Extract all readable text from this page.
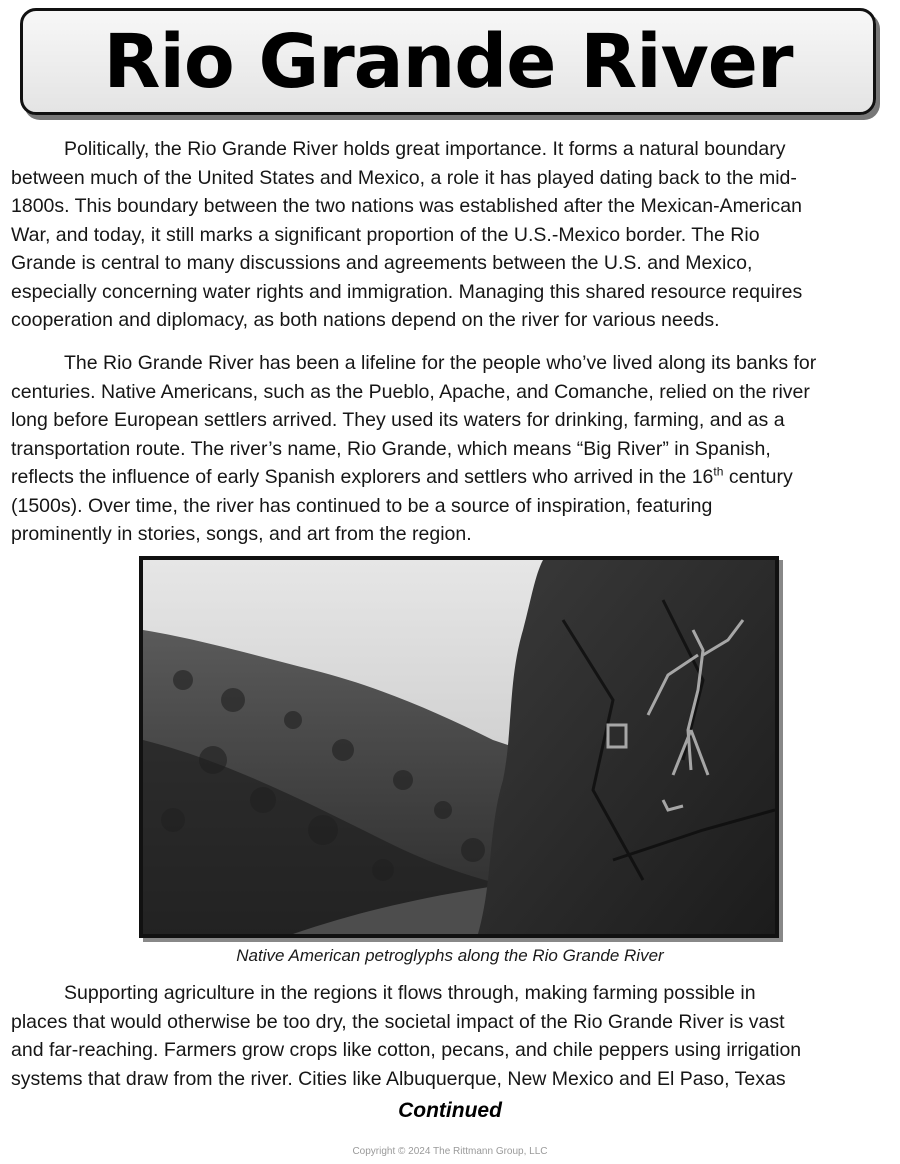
Rio Grande River

Politically, the Rio Grande River holds great importance. It forms a natural boundary
between much of the United States and Mexico, a role it has played dating back to the mid-
1800s. This boundary between the two nations was established after the Mexican-American
War, and today, it still marks a significant proportion of the U.S.-Mexico border. The Rio
Grande is central to many discussions and agreements between the U.S. and Mexico,
especially concerning water rights and immigration. Managing this shared resource requires
cooperation and diplomacy, as both nations depend on the river for various needs.

The Rio Grande River has been a lifeline for the people who’ve lived along its banks for
centuries. Native Americans, such as the Pueblo, Apache, and Comanche, relied on the river
long before European settlers arrived. They used its waters for drinking, farming, and as a
transportation route. The river’s name, Rio Grande, which means “Big River” in Spanish,
reflects the influence of early Spanish explorers and settlers who arrived in the 16th century
(1500s). Over time, the river has continued to be a source of inspiration, featuring
prominently in stories, songs, and art from the region.

Native American petroglyphs along the Rio Grande River

Supporting agriculture in the regions it flows through, making farming possible in
places that would otherwise be too dry, the societal impact of the Rio Grande River is vast
and far-reaching. Farmers grow crops like cotton, pecans, and chile peppers using irrigation
systems that draw from the river. Cities like Albuquerque, New Mexico and El Paso, Texas

Continued
Copyright © 2024 The Rittmann Group, LLC
